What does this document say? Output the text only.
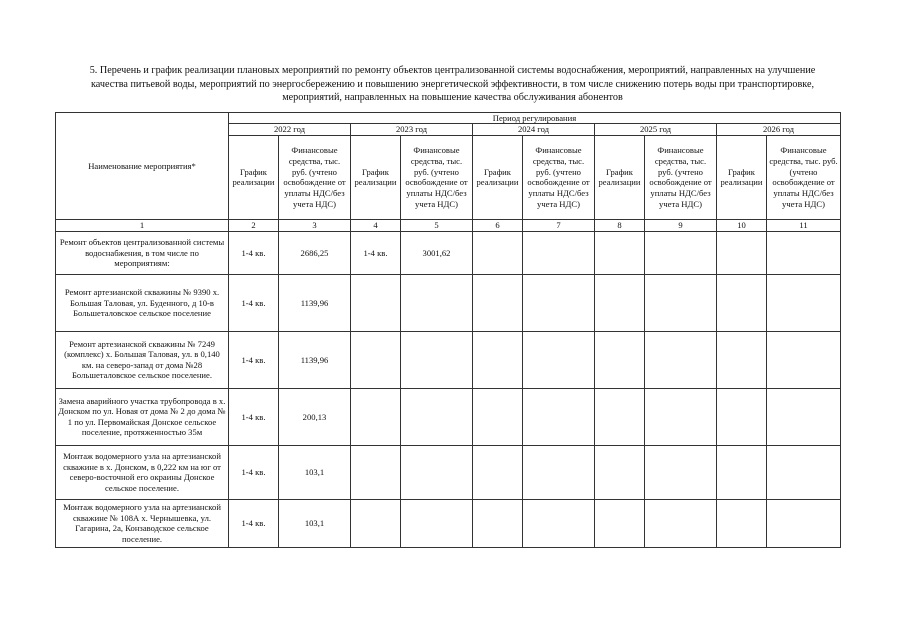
5. Перечень и график реализации плановых мероприятий по ремонту объектов централизованной системы водоснабжения, мероприятий, направленных на улучшение
качества питьевой воды, мероприятий по энергосбережению и повышению энергетической эффективности, в том числе снижению потерь воды при транспортировке,
мероприятий, направленных на повышение качества обслуживания абонентов
Наименование мероприятия*	Период регулирования									
	2022 год		2023 год		2024 год		2025 год		2026 год	
	График реализации	Финансовые средства, тыс. руб. (учтено освобождение от уплаты НДС/без учета НДС)	График реализации	Финансовые средства, тыс. руб. (учтено освобождение от уплаты НДС/без учета НДС)	График реализации	Финансовые средства, тыс. руб. (учтено освобождение от уплаты НДС/без учета НДС)	График реализации	Финансовые средства, тыс. руб. (учтено освобождение от уплаты НДС/без учета НДС)	График реализации	Финансовые средства, тыс. руб. (учтено освобождение от уплаты НДС/без учета НДС)
1	2	3	4	5	6	7	8	9	10	11
Ремонт объектов централизованной системы водоснабжения, в том числе по мероприятиям:	1-4 кв.	2686,25	1-4 кв.	3001,62						
Ремонт артезианской скважины № 9390 х. Большая Таловая, ул. Буденного, д 10-в Большеталовское сельское поселение	1-4 кв.	1139,96								
Ремонт артезианской скважины № 7249 (комплекс) х. Большая Таловая, ул. в 0,140 км. на северо-запад от дома №28 Большеталовское сельское поселение.	1-4 кв.	1139,96								
Замена аварийного участка трубопровода в х. Донском по ул. Новая от дома № 2 до дома № 1 по ул. Первомайская Донское сельское поселение, протяженностью 35м	1-4 кв.	200,13								
Монтаж водомерного узла на артезианской скважине в х. Донском, в 0,222 км на юг от северо-восточной его окраины Донское сельское поселение.	1-4 кв.	103,1								
Монтаж водомерного узла на артезианской скважине № 108А х. Чернышевка, ул. Гагарина, 2а, Конзаводское сельское поселение.	1-4 кв.	103,1								
